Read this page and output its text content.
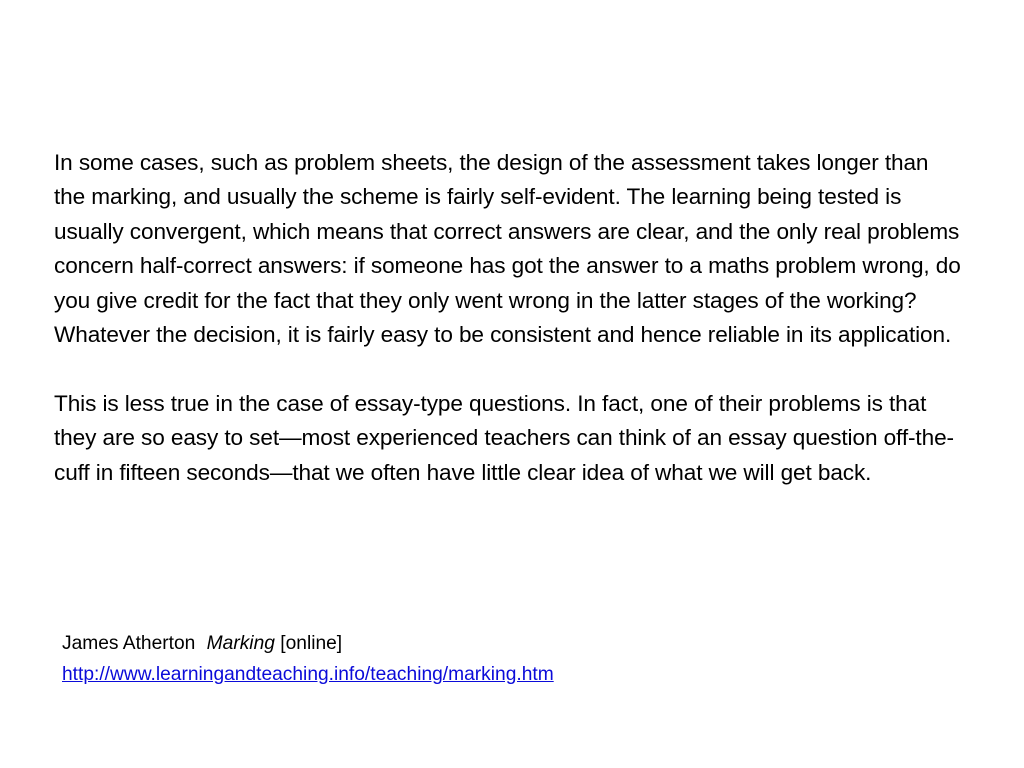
In some cases, such as problem sheets, the design of the assessment takes longer than the marking, and usually the scheme is fairly self-evident. The learning being tested is usually convergent, which means that correct answers are clear, and the only real problems concern half-correct answers: if someone has got the answer to a maths problem wrong, do you give credit for the fact that they only went wrong in the latter stages of the working? Whatever the decision, it is fairly easy to be consistent and hence reliable in its application.

This is less true in the case of essay-type questions. In fact, one of their problems is that they are so easy to set—most experienced teachers can think of an essay question off-the-cuff in fifteen seconds—that we often have little clear idea of what we will get back.

James Atherton Marking [online]
http://www.learningandteaching.info/teaching/marking.htm
